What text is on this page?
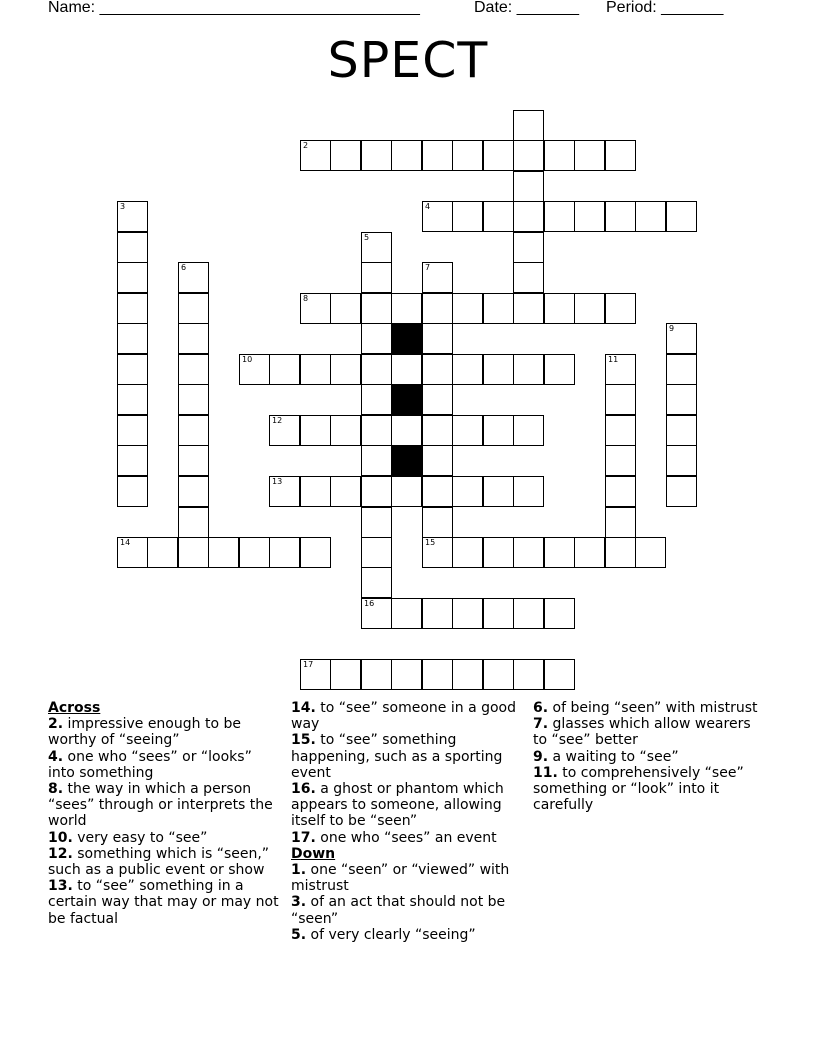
Name: ____________________________________	Date: _______ Period: _______
SPECT
2
4
3
6
5
16
7
15
8
9
10	11
12
13
14
17
Across
2. impressive enough to be worthy of “seeing”
4. one who “sees” or “looks” into something
8. the way in which a person “sees” through or interprets the world
10. very easy to “see”
12. something which is “seen,” such as a public event or show
13. to “see” something in a certain way that may or may not be factual
14. to “see” someone in a good way
15. to “see” something happening, such as a sporting event
16. a ghost or phantom which appears to someone, allowing itself to be “seen”
17. one who “sees” an event
Down
1. one “seen” or “viewed” with mistrust
3. of an act that should not be “seen”
5. of very clearly “seeing”
6. of being “seen” with mistrust
7. glasses which allow wearers to “see” better
9. a waiting to “see”
11. to comprehensively “see” something or “look” into it carefully
